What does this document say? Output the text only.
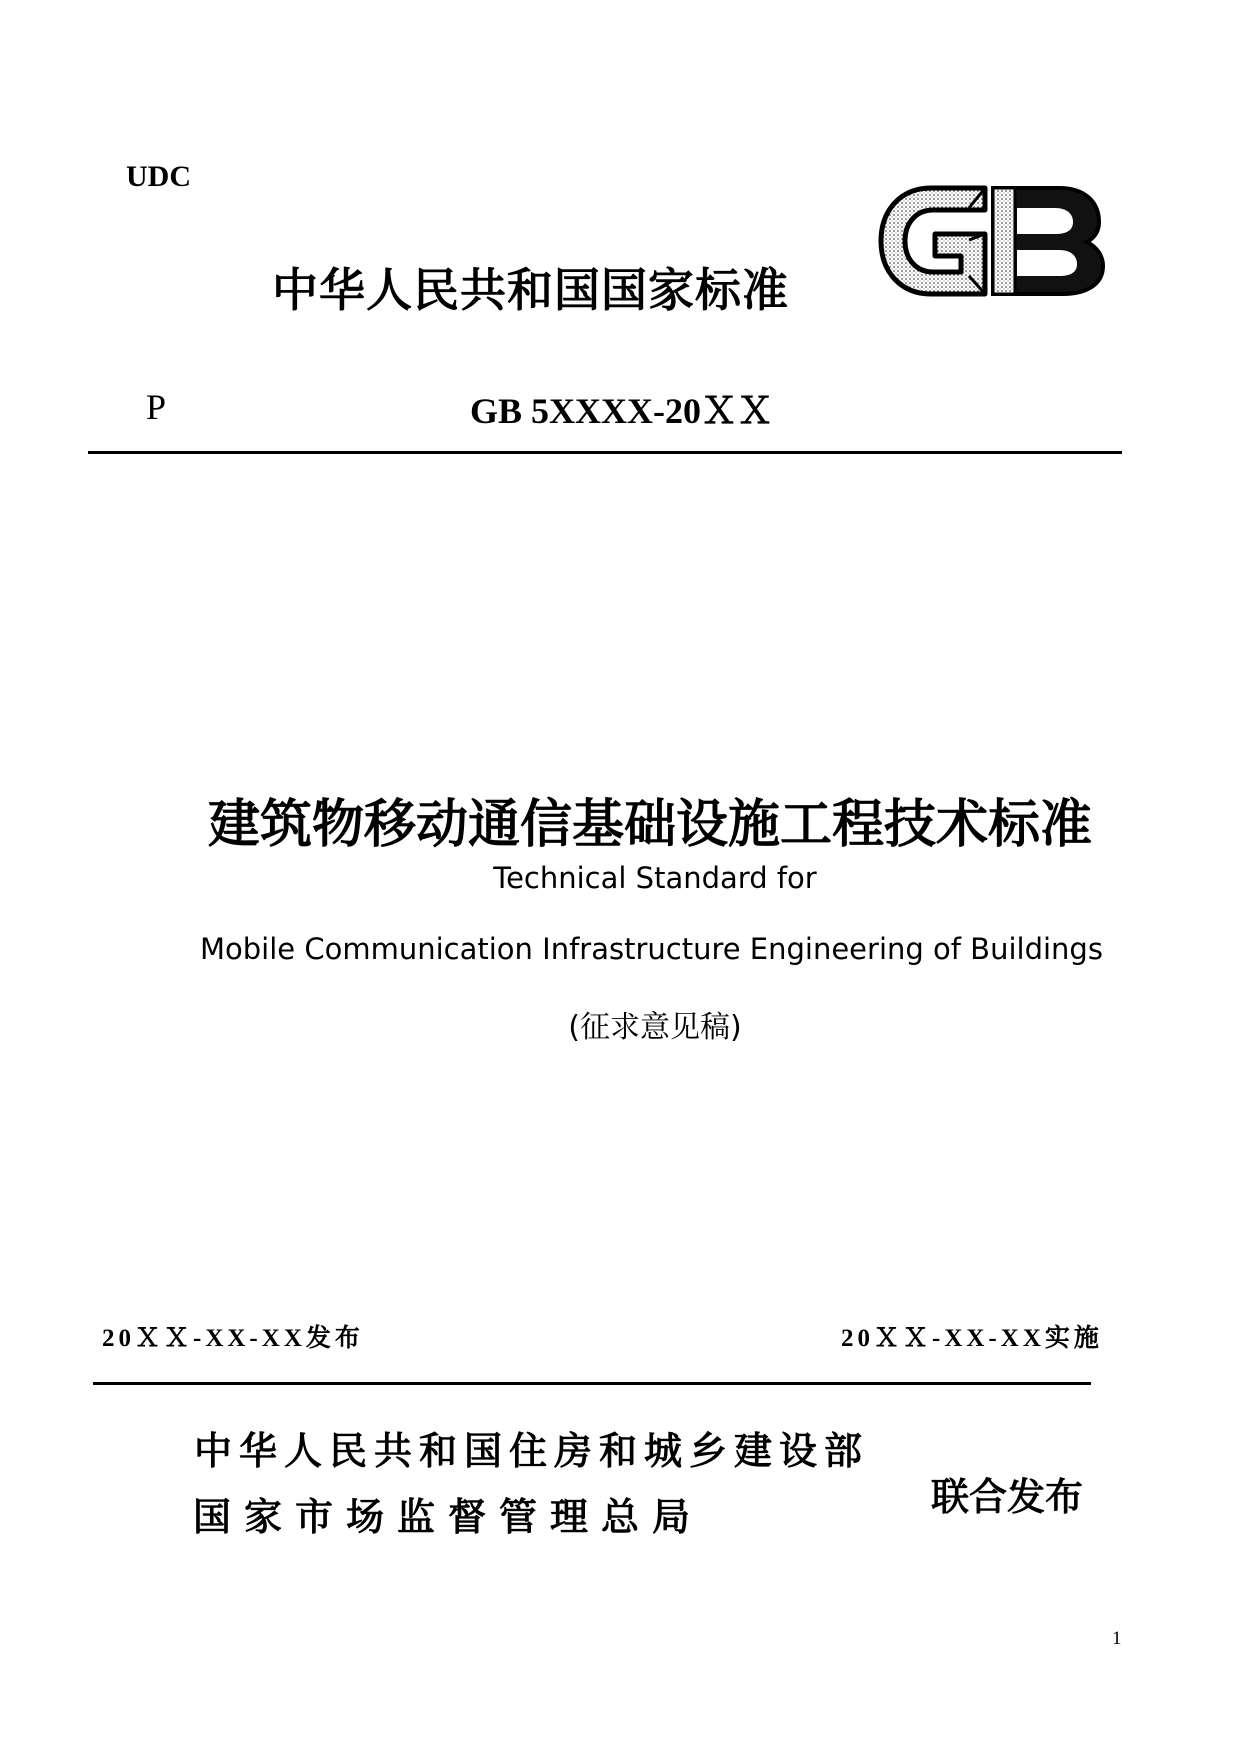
UDC
中华人民共和国国家标准
P	GB 5XXXX-20ＸＸ
建筑物移动通信基础设施工程技术标准
Technical Standard for
Mobile Communication Infrastructure Engineering of Buildings
(征求意见稿)
20ＸＸ-XX-XX发布	20ＸＸ-XX-XX实施
中华人民共和国住房和城乡建设部
国家市场监督管理总局	联合发布
1
